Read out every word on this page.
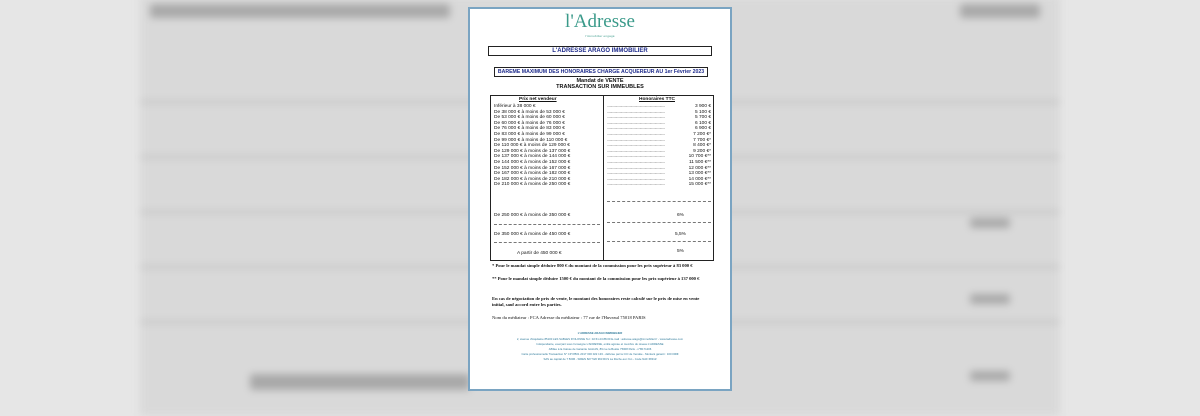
l'Adresse
l'immobilier engagé
L'ADRESSE ARAGO IMMOBILIER
BAREME MAXIMUM DES HONORAIRES CHARGE ACQUEREUR AU 1er Février 2023
Mandat de VENTE
TRANSACTION SUR IMMEUBLES
Prix net vendeur	Honoraires TTC
Inférieur à 38 000 €	......................................................................	3 900 €
De 38 000 € à moins de 53 000 €	......................................................................	5 100 €
De 53 000 € à moins de 60 000 €	......................................................................	5 700 €
De 60 000 € à moins de 76 000 €	......................................................................	6 100 €
De 76 000 € à moins de 83 000 €	......................................................................	6 900 €
De 83 000 € à moins de 99 000 €	......................................................................	7 200 €*
De 99 000 € à moins de 110 000 €	......................................................................	7 700 €*
De 110 000 € à moins de 129 000 €	......................................................................	8 400 €*
De 129 000 € à moins de 137 000 €	......................................................................	9 200 €*
De 137 000 € à moins de 144 000 €	......................................................................	10 700 €**
De 144 000 € à moins de 152 000 €	......................................................................	11 500 €**
De 152 000 € à moins de 167 000 €	......................................................................	12 000 €**
De 167 000 € à moins de 182 000 €	......................................................................	13 000 €**
De 182 000 € à moins de 210 000 €	......................................................................	14 000 €**
De 210 000 € à moins de 250 000 €	......................................................................	15 000 €**
De 250 000 € à moins de 350 000 €	6%
De 350 000 € à moins de 450 000 €	5,5%
A partir de 450 000 €	5%
* Pour le mandat simple déduire 800 € du montant de la commission pour les prix supérieur à 83 000 €
** Pour le mandat simple déduire 1500 € du montant de la commission pour les prix supérieur à 137 000 €
En cas de négociation de prix de vente, le montant des honoraires reste calculé sur le prix de mise en vente initial, sauf accord entre les parties.
Nom du médiateur : FCA Adresse du médiateur : 77 rue de l'Huveaul 75018 PARIS
L'ADRESSE ARAGO IMMOBILIER
2, avenue d'Aquitaine 85100 LES SABLES D'OLONNE Tel : 02.51.23.88.00 E-mail : adresse.arago@immobilier.fr - www.ladresse.com
Indépendante, exerçant sous l'enseigne L'ADRESSE, entité agréée et membre du réseau L'ADRESSE
Affiliée à la Caisse de Garantie GALIAN, 89 rue la Boétie 75008 Paris - n°B171206
Carte professionnelle Transaction N° CPI 8501 2017 000 022 133 - délivrée par la CCI de Vendée - Montant garanti : 160 000€
SAS au capital de 7 500€ - SIREN 827 520 963 RCS La Roche-sur-Yon - Code NAF 6831Z
